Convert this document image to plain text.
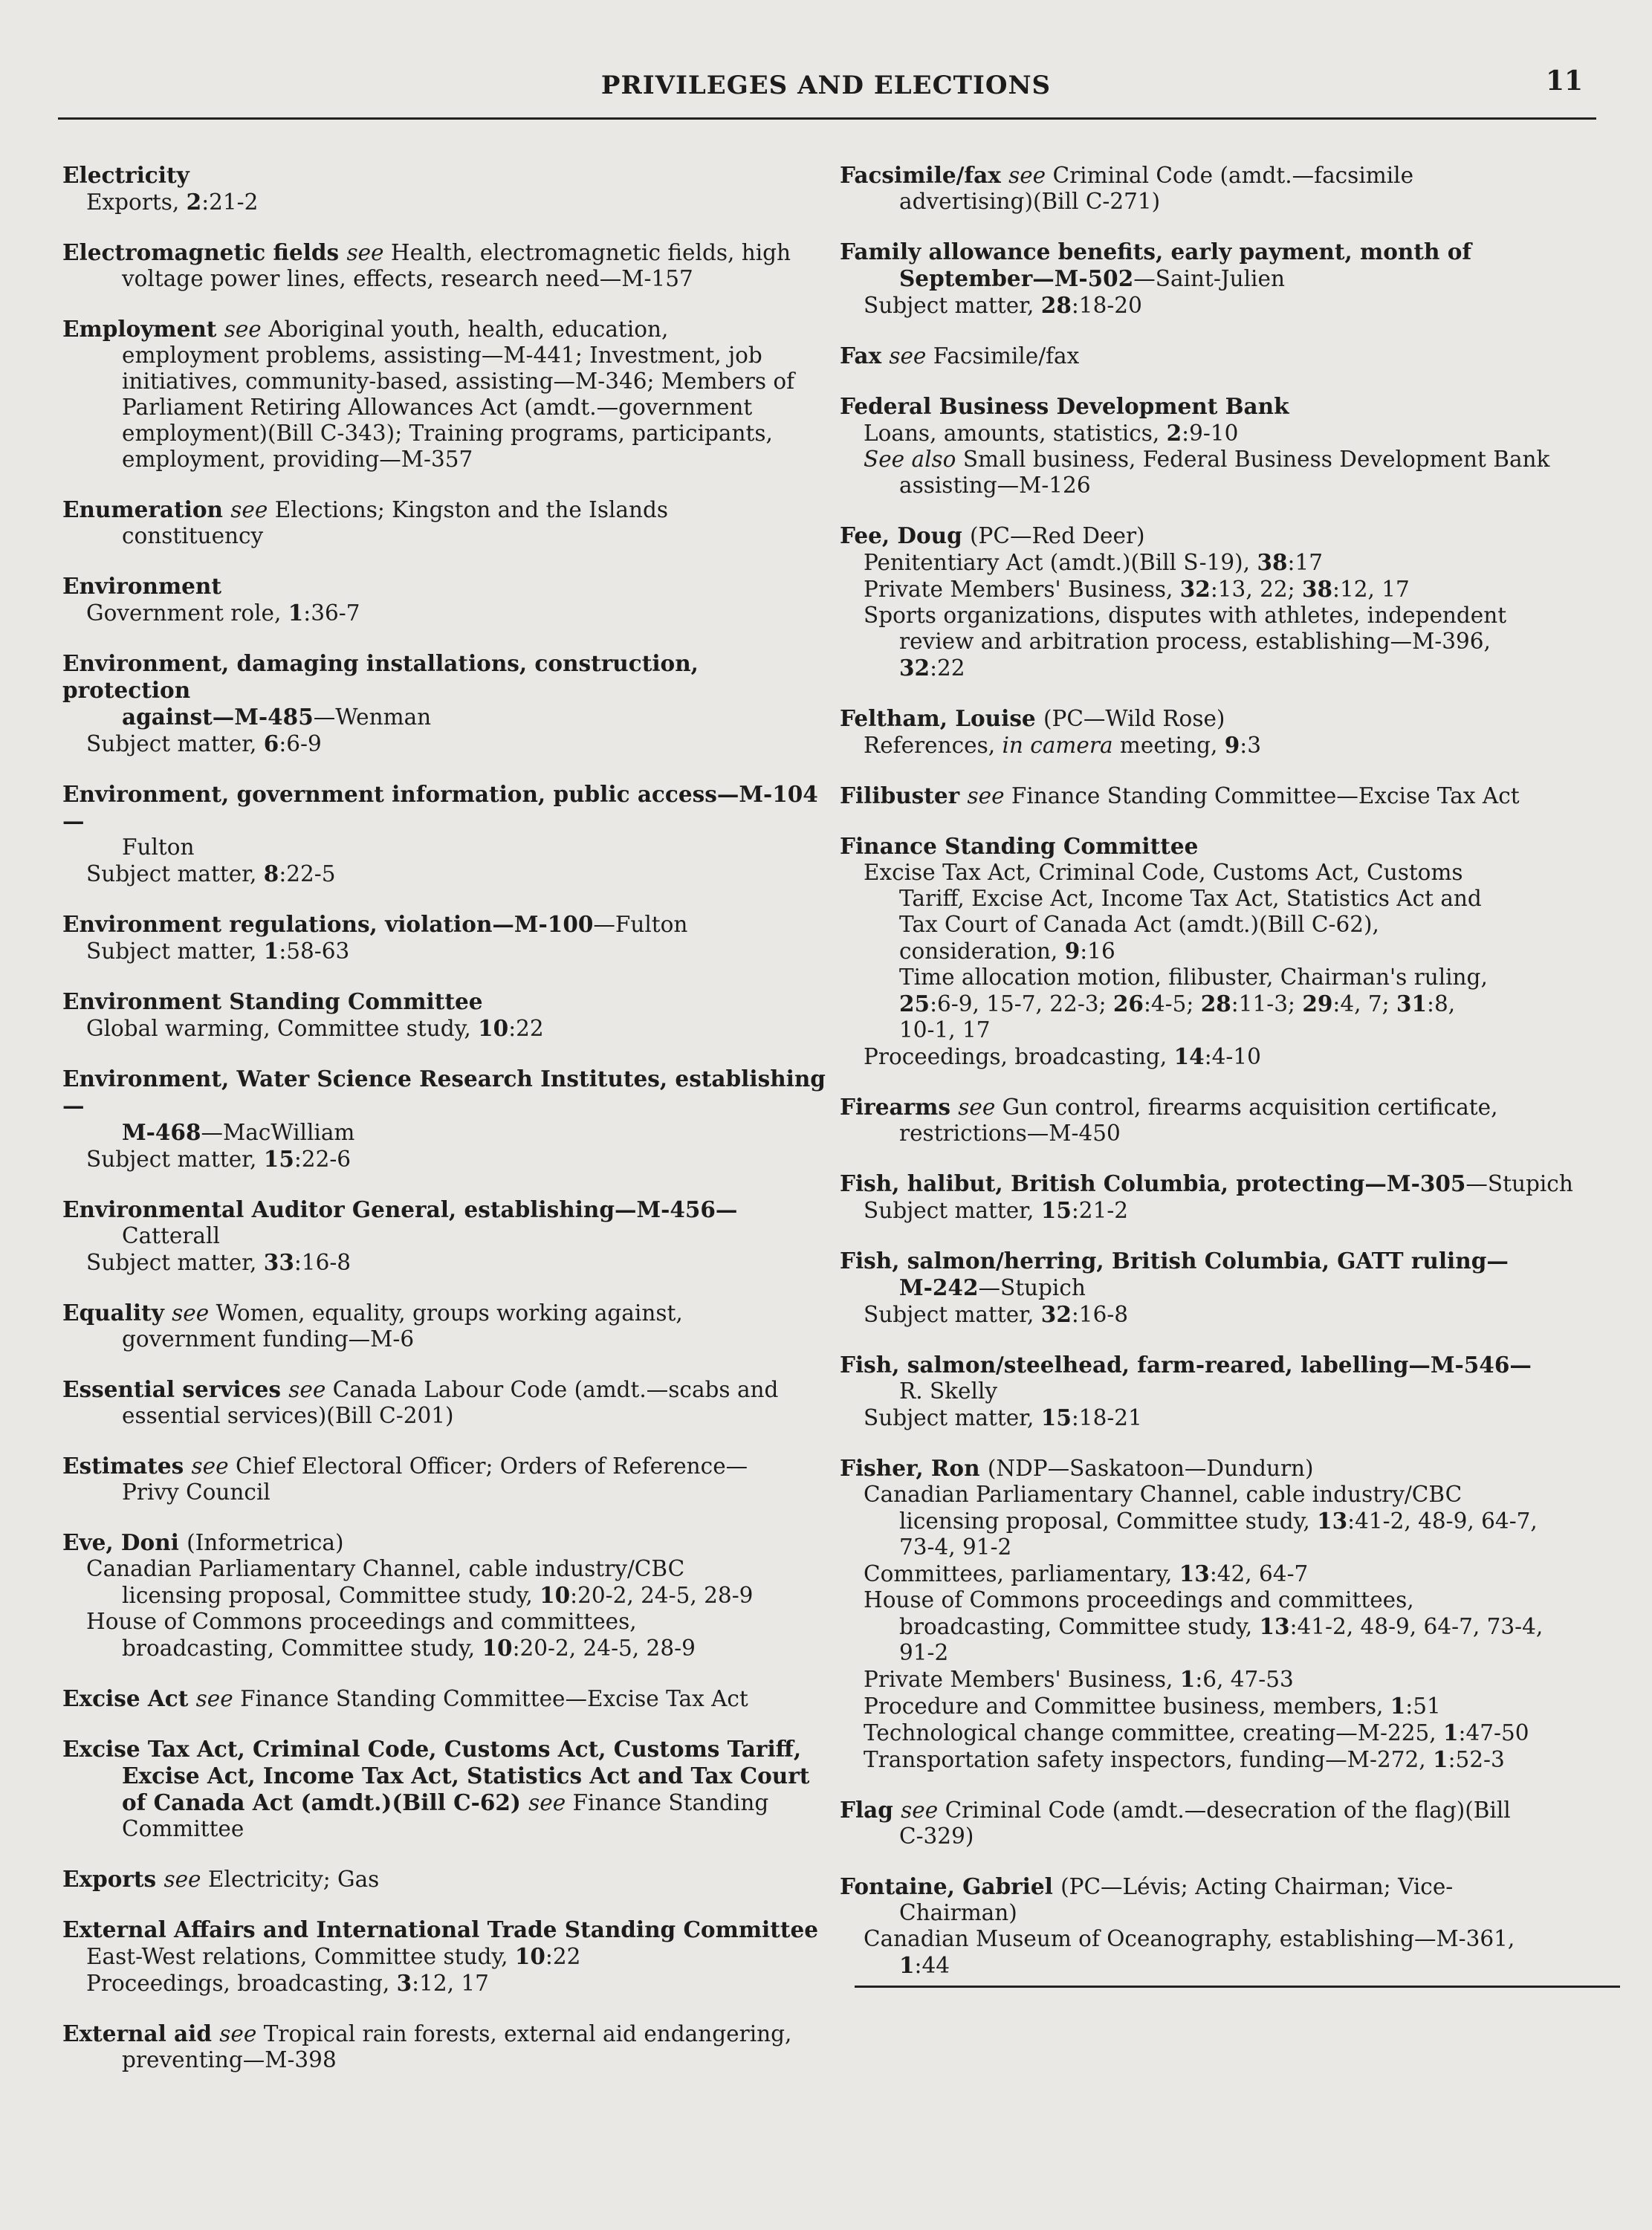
PRIVILEGES AND ELECTIONS	11
Electricity
Exports, 2:21-2
Electromagnetic fields see Health, electromagnetic fields, high
voltage power lines, effects, research need—M-157
Employment see Aboriginal youth, health, education,
employment problems, assisting—M-441; Investment, job
initiatives, community-based, assisting—M-346; Members of
Parliament Retiring Allowances Act (amdt.—government
employment)(Bill C-343); Training programs, participants,
employment, providing—M-357
Enumeration see Elections; Kingston and the Islands
constituency
Environment
Government role, 1:36-7
Environment, damaging installations, construction, protection
against—M-485—Wenman
Subject matter, 6:6-9
Environment, government information, public access—M-104—
Fulton
Subject matter, 8:22-5
Environment regulations, violation—M-100—Fulton
Subject matter, 1:58-63
Environment Standing Committee
Global warming, Committee study, 10:22
Environment, Water Science Research Institutes, establishing—
M-468—MacWilliam
Subject matter, 15:22-6
Environmental Auditor General, establishing—M-456—
Catterall
Subject matter, 33:16-8
Equality see Women, equality, groups working against,
government funding—M-6
Essential services see Canada Labour Code (amdt.—scabs and
essential services)(Bill C-201)
Estimates see Chief Electoral Officer; Orders of Reference—
Privy Council
Eve, Doni (Informetrica)
Canadian Parliamentary Channel, cable industry/CBC
licensing proposal, Committee study, 10:20-2, 24-5, 28-9
House of Commons proceedings and committees,
broadcasting, Committee study, 10:20-2, 24-5, 28-9
Excise Act see Finance Standing Committee—Excise Tax Act
Excise Tax Act, Criminal Code, Customs Act, Customs Tariff,
Excise Act, Income Tax Act, Statistics Act and Tax Court
of Canada Act (amdt.)(Bill C-62) see Finance Standing
Committee
Exports see Electricity; Gas
External Affairs and International Trade Standing Committee
East-West relations, Committee study, 10:22
Proceedings, broadcasting, 3:12, 17
External aid see Tropical rain forests, external aid endangering,
preventing—M-398
Facsimile/fax see Criminal Code (amdt.—facsimile
advertising)(Bill C-271)
Family allowance benefits, early payment, month of
September—M-502—Saint-Julien
Subject matter, 28:18-20
Fax see Facsimile/fax
Federal Business Development Bank
Loans, amounts, statistics, 2:9-10
See also Small business, Federal Business Development Bank
assisting—M-126
Fee, Doug (PC—Red Deer)
Penitentiary Act (amdt.)(Bill S-19), 38:17
Private Members' Business, 32:13, 22; 38:12, 17
Sports organizations, disputes with athletes, independent
review and arbitration process, establishing—M-396,
32:22
Feltham, Louise (PC—Wild Rose)
References, in camera meeting, 9:3
Filibuster see Finance Standing Committee—Excise Tax Act
Finance Standing Committee
Excise Tax Act, Criminal Code, Customs Act, Customs
Tariff, Excise Act, Income Tax Act, Statistics Act and
Tax Court of Canada Act (amdt.)(Bill C-62),
consideration, 9:16
Time allocation motion, filibuster, Chairman's ruling,
25:6-9, 15-7, 22-3; 26:4-5; 28:11-3; 29:4, 7; 31:8,
10-1, 17
Proceedings, broadcasting, 14:4-10
Firearms see Gun control, firearms acquisition certificate,
restrictions—M-450
Fish, halibut, British Columbia, protecting—M-305—Stupich
Subject matter, 15:21-2
Fish, salmon/herring, British Columbia, GATT ruling—
M-242—Stupich
Subject matter, 32:16-8
Fish, salmon/steelhead, farm-reared, labelling—M-546—
R. Skelly
Subject matter, 15:18-21
Fisher, Ron (NDP—Saskatoon—Dundurn)
Canadian Parliamentary Channel, cable industry/CBC
licensing proposal, Committee study, 13:41-2, 48-9, 64-7,
73-4, 91-2
Committees, parliamentary, 13:42, 64-7
House of Commons proceedings and committees,
broadcasting, Committee study, 13:41-2, 48-9, 64-7, 73-4,
91-2
Private Members' Business, 1:6, 47-53
Procedure and Committee business, members, 1:51
Technological change committee, creating—M-225, 1:47-50
Transportation safety inspectors, funding—M-272, 1:52-3
Flag see Criminal Code (amdt.—desecration of the flag)(Bill
C-329)
Fontaine, Gabriel (PC—Lévis; Acting Chairman; Vice-
Chairman)
Canadian Museum of Oceanography, establishing—M-361,
1:44
